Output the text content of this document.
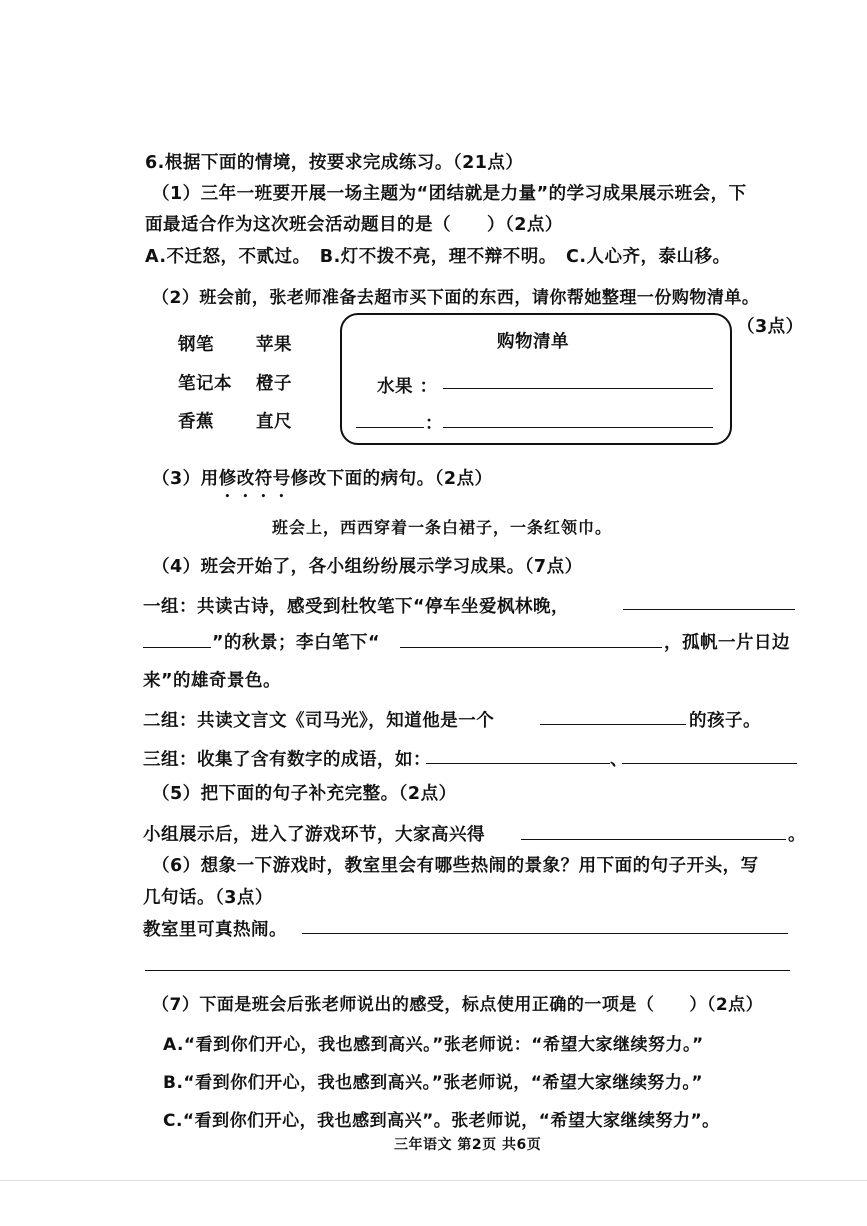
6.根据下面的情境，按要求完成练习。（21点）
（1）三年一班要开展一场主题为“团结就是力量”的学习成果展示班会，下
面最适合作为这次班会活动题目的是（　　）（2点）
A.不迁怒，不贰过。　B.灯不拨不亮，理不辩不明。　C.人心齐，泰山移。
（2）班会前，张老师准备去超市买下面的东西，请你帮她整理一份购物清单。
（3点）
钢笔 苹果
笔记本 橙子
香蕉 直尺
购物清单
水果 ：
：
（3）用修改符号修改下面的病句。（2点）
班会上，西西穿着一条白裙子，一条红领巾。
（4）班会开始了，各小组纷纷展示学习成果。（7点）
一组：共读古诗，感受到杜牧笔下“停车坐爱枫林晚，
”的秋景；李白笔下“	，孤帆一片日边
来”的雄奇景色。
二组：共读文言文《司马光》，知道他是一个	的孩子。
三组：收集了含有数字的成语，如：	、
（5）把下面的句子补充完整。（2点）
小组展示后，进入了游戏环节，大家高兴得	。
（6）想象一下游戏时，教室里会有哪些热闹的景象？用下面的句子开头，写
几句话。（3点）
教室里可真热闹。
（7）下面是班会后张老师说出的感受，标点使用正确的一项是（　　）（2点）
A.“看到你们开心，我也感到高兴。”张老师说：“希望大家继续努力。”
B.“看到你们开心，我也感到高兴。”张老师说，“希望大家继续努力。”
C.“看到你们开心，我也感到高兴”。张老师说，“希望大家继续努力”。
三年语文 第2页 共6页
